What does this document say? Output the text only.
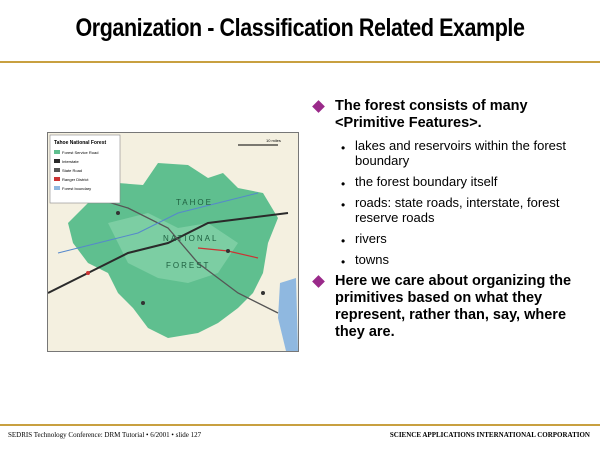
Organization - Classification Related Example
Tahoe National Forest
Forest Service Road
Interstate
State Road
Ranger District
Forest boundary
10 miles
TAHOE
NATIONAL
FOREST
The forest consists of many <Primitive Features>.
• lakes and reservoirs within the forest boundary
• the forest boundary itself
• roads: state roads, interstate, forest reserve roads
• rivers
• towns
Here we care about organizing the primitives based on what they represent, rather than, say, where they are.
SEDRIS Technology Conference: DRM Tutorial • 6/2001 • slide 127	SCIENCE APPLICATIONS INTERNATIONAL CORPORATION
